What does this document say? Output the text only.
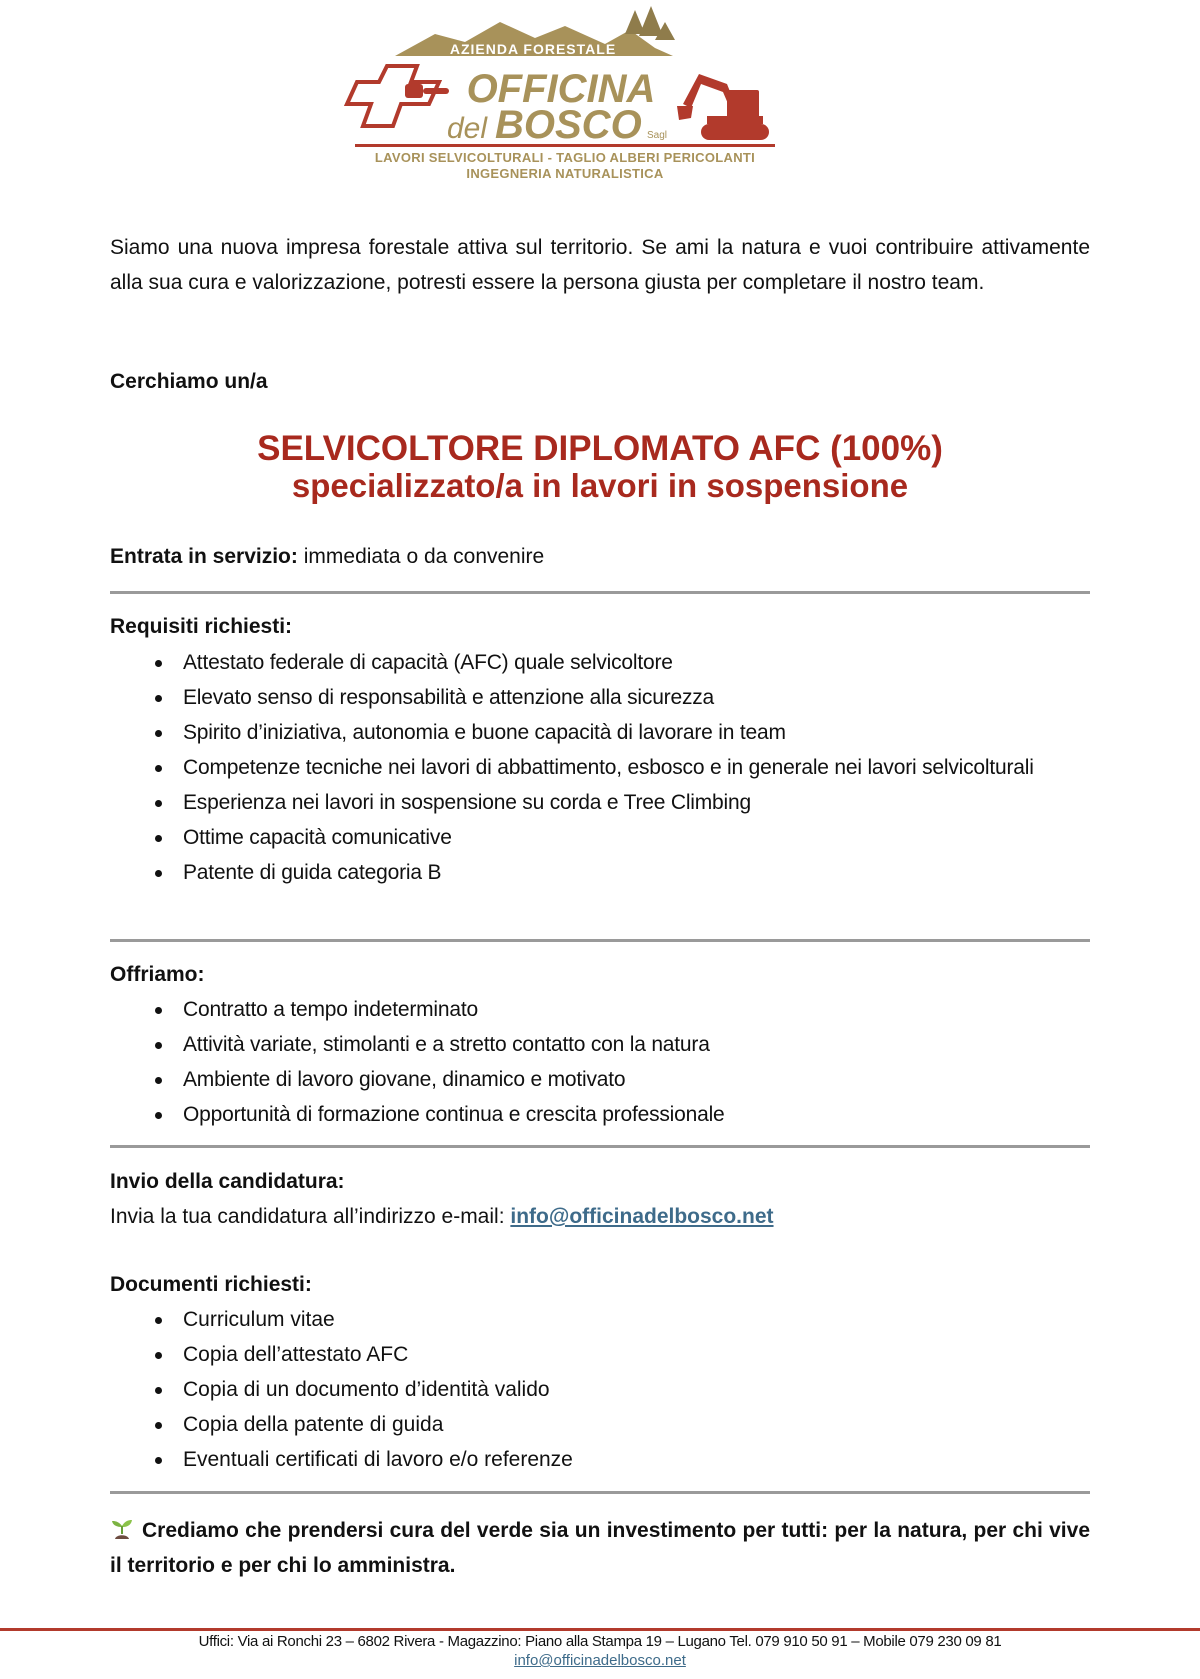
AZIENDA FORESTALE
OFFICINA
del BOSCO Sagl
LAVORI SELVICOLTURALI - TAGLIO ALBERI PERICOLANTI
INGEGNERIA NATURALISTICA

Siamo una nuova impresa forestale attiva sul territorio. Se ami la natura e vuoi contribuire attivamente alla sua cura e valorizzazione, potresti essere la persona giusta per completare il nostro team.

Cerchiamo un/a

SELVICOLTORE DIPLOMATO AFC (100%)
specializzato/a in lavori in sospensione

Entrata in servizio: immediata o da convenire

Requisiti richiesti:

Attestato federale di capacità (AFC) quale selvicoltore
Elevato senso di responsabilità e attenzione alla sicurezza
Spirito d’iniziativa, autonomia e buone capacità di lavorare in team
Competenze tecniche nei lavori di abbattimento, esbosco e in generale nei lavori selvicolturali
Esperienza nei lavori in sospensione su corda e Tree Climbing
Ottime capacità comunicative
Patente di guida categoria B

Offriamo:

Contratto a tempo indeterminato
Attività variate, stimolanti e a stretto contatto con la natura
Ambiente di lavoro giovane, dinamico e motivato
Opportunità di formazione continua e crescita professionale

Invio della candidatura:

Invia la tua candidatura all’indirizzo e-mail: info@officinadelbosco.net

Documenti richiesti:

Curriculum vitae
Copia dell’attestato AFC
Copia di un documento d’identità valido
Copia della patente di guida
Eventuali certificati di lavoro e/o referenze

Crediamo che prendersi cura del verde sia un investimento per tutti: per la natura, per chi vive il territorio e per chi lo amministra.

Uffici: Via ai Ronchi 23 – 6802 Rivera - Magazzino: Piano alla Stampa 19 – Lugano Tel. 079 910 50 91 – Mobile 079 230 09 81
info@officinadelbosco.net
